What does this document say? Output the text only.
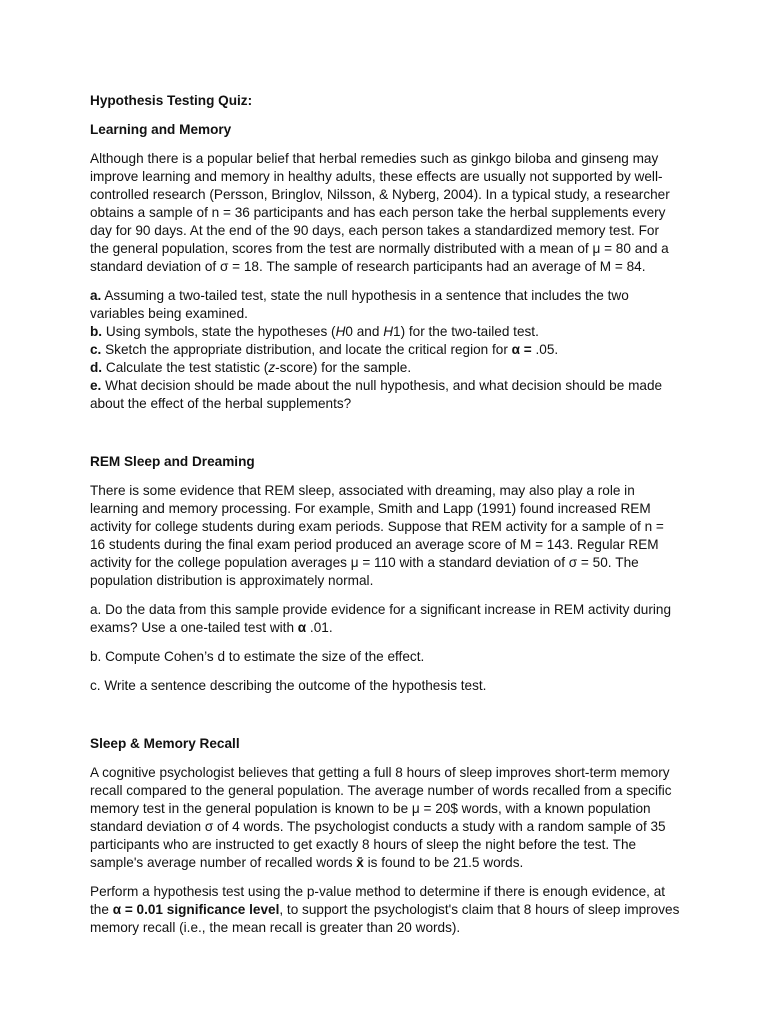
Hypothesis Testing Quiz:

Learning and Memory

Although there is a popular belief that herbal remedies such as ginkgo biloba and ginseng may improve learning and memory in healthy adults, these effects are usually not supported by well-controlled research (Persson, Bringlov, Nilsson, & Nyberg, 2004). In a typical study, a researcher obtains a sample of n = 36 participants and has each person take the herbal supplements every day for 90 days. At the end of the 90 days, each person takes a standardized memory test. For the general population, scores from the test are normally distributed with a mean of μ = 80 and a standard deviation of σ = 18. The sample of research participants had an average of M = 84.

a. Assuming a two-tailed test, state the null hypothesis in a sentence that includes the two variables being examined.

b. Using symbols, state the hypotheses (H0 and H1) for the two-tailed test.

c. Sketch the appropriate distribution, and locate the critical region for α = .05.

d. Calculate the test statistic (z-score) for the sample.

e. What decision should be made about the null hypothesis, and what decision should be made about the effect of the herbal supplements?

REM Sleep and Dreaming

There is some evidence that REM sleep, associated with dreaming, may also play a role in learning and memory processing. For example, Smith and Lapp (1991) found increased REM activity for college students during exam periods. Suppose that REM activity for a sample of n = 16 students during the final exam period produced an average score of M = 143. Regular REM activity for the college population averages μ = 110 with a standard deviation of σ = 50. The population distribution is approximately normal.

a. Do the data from this sample provide evidence for a significant increase in REM activity during exams? Use a one-tailed test with α .01.

b. Compute Cohen’s d to estimate the size of the effect.

c. Write a sentence describing the outcome of the hypothesis test.

Sleep & Memory Recall

A cognitive psychologist believes that getting a full 8 hours of sleep improves short-term memory recall compared to the general population. The average number of words recalled from a specific memory test in the general population is known to be μ = 20$ words, with a known population standard deviation σ of 4 words. The psychologist conducts a study with a random sample of 35 participants who are instructed to get exactly 8 hours of sleep the night before the test. The sample's average number of recalled words x̄ is found to be 21.5 words.

Perform a hypothesis test using the p-value method to determine if there is enough evidence, at the α = 0.01 significance level, to support the psychologist's claim that 8 hours of sleep improves memory recall (i.e., the mean recall is greater than 20 words).
